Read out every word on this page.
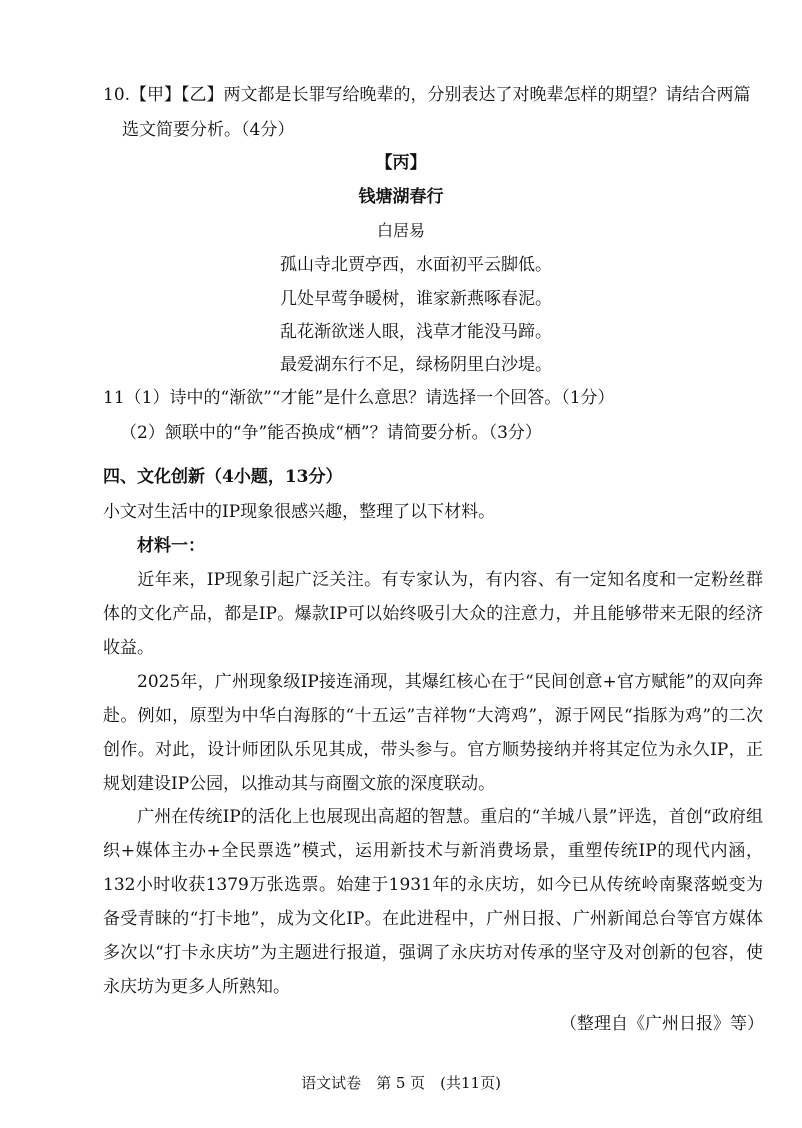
10.【甲】【乙】两文都是长罪写给晚辈的，分别表达了对晚辈怎样的期望？请结合两篇
选文简要分析。（4分）
【丙】
钱塘湖春行
白居易
孤山寺北贾亭西，水面初平云脚低。
几处早莺争暖树，谁家新燕啄春泥。
乱花渐欲迷人眼，浅草才能没马蹄。
最爱湖东行不足，绿杨阴里白沙堤。
11（1）诗中的“渐欲”“才能”是什么意思？请选择一个回答。（1分）
（2）颔联中的“争”能否换成“栖”？请简要分析。（3分）
四、文化创新（4小题，13分）
小文对生活中的IP现象很感兴趣，整理了以下材料。
材料一：
近年来，IP现象引起广泛关注。有专家认为，有内容、有一定知名度和一定粉丝群体的文化产品，都是IP。爆款IP可以始终吸引大众的注意力，并且能够带来无限的经济收益。
2025年，广州现象级IP接连涌现，其爆红核心在于“民间创意+官方赋能”的双向奔赴。例如，原型为中华白海豚的“十五运”吉祥物“大湾鸡”，源于网民“指豚为鸡”的二次创作。对此，设计师团队乐见其成，带头参与。官方顺势接纳并将其定位为永久IP，正规划建设IP公园，以推动其与商圈文旅的深度联动。
广州在传统IP的活化上也展现出高超的智慧。重启的“羊城八景”评选，首创“政府组织+媒体主办+全民票选”模式，运用新技术与新消费场景，重塑传统IP的现代内涵，132小时收获1379万张选票。始建于1931年的永庆坊，如今已从传统岭南聚落蜕变为备受青睐的“打卡地”，成为文化IP。在此进程中，广州日报、广州新闻总台等官方媒体多次以“打卡永庆坊”为主题进行报道，强调了永庆坊对传承的坚守及对创新的包容，使永庆坊为更多人所熟知。
（整理自《广州日报》等）
语文试卷　第 5 页　(共11页)
